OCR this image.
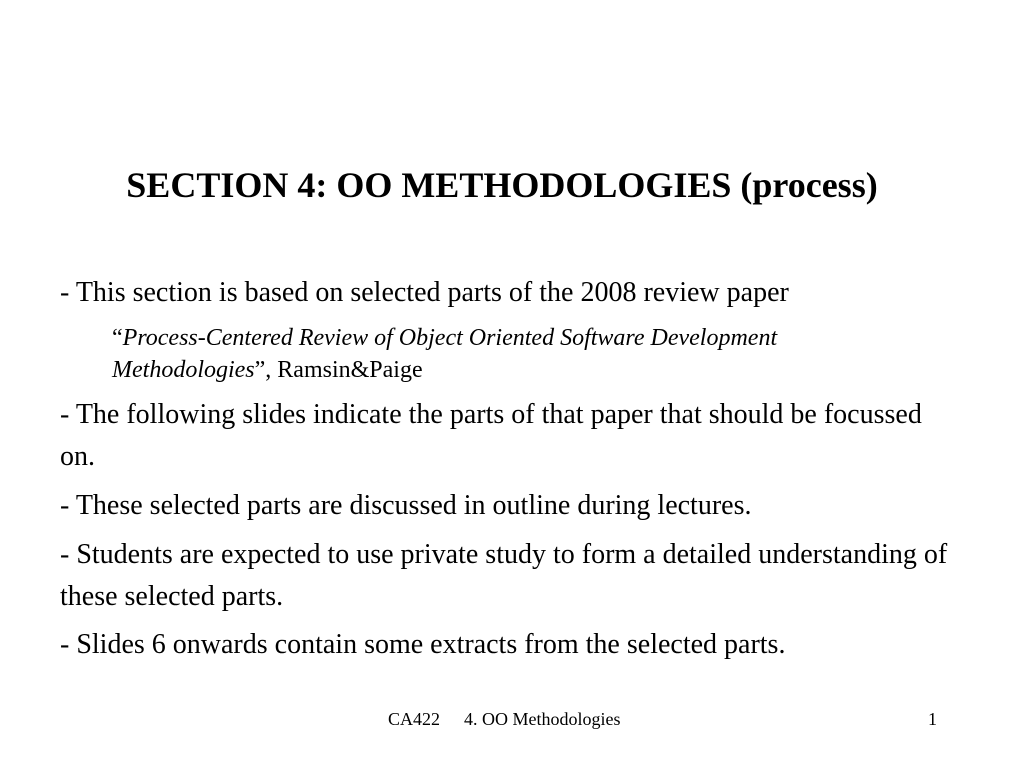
SECTION 4: OO METHODOLOGIES (process)
- This section is based on selected parts of the 2008 review paper
“Process-Centered Review of Object Oriented Software Development Methodologies”, Ramsin&Paige
- The following slides indicate the parts of that paper that should be focussed on.
- These selected parts are discussed in outline during lectures.
- Students are expected to use private study to form a detailed understanding of these selected parts.
- Slides 6 onwards contain some extracts from the selected parts.
CA422 4. OO Methodologies	1
